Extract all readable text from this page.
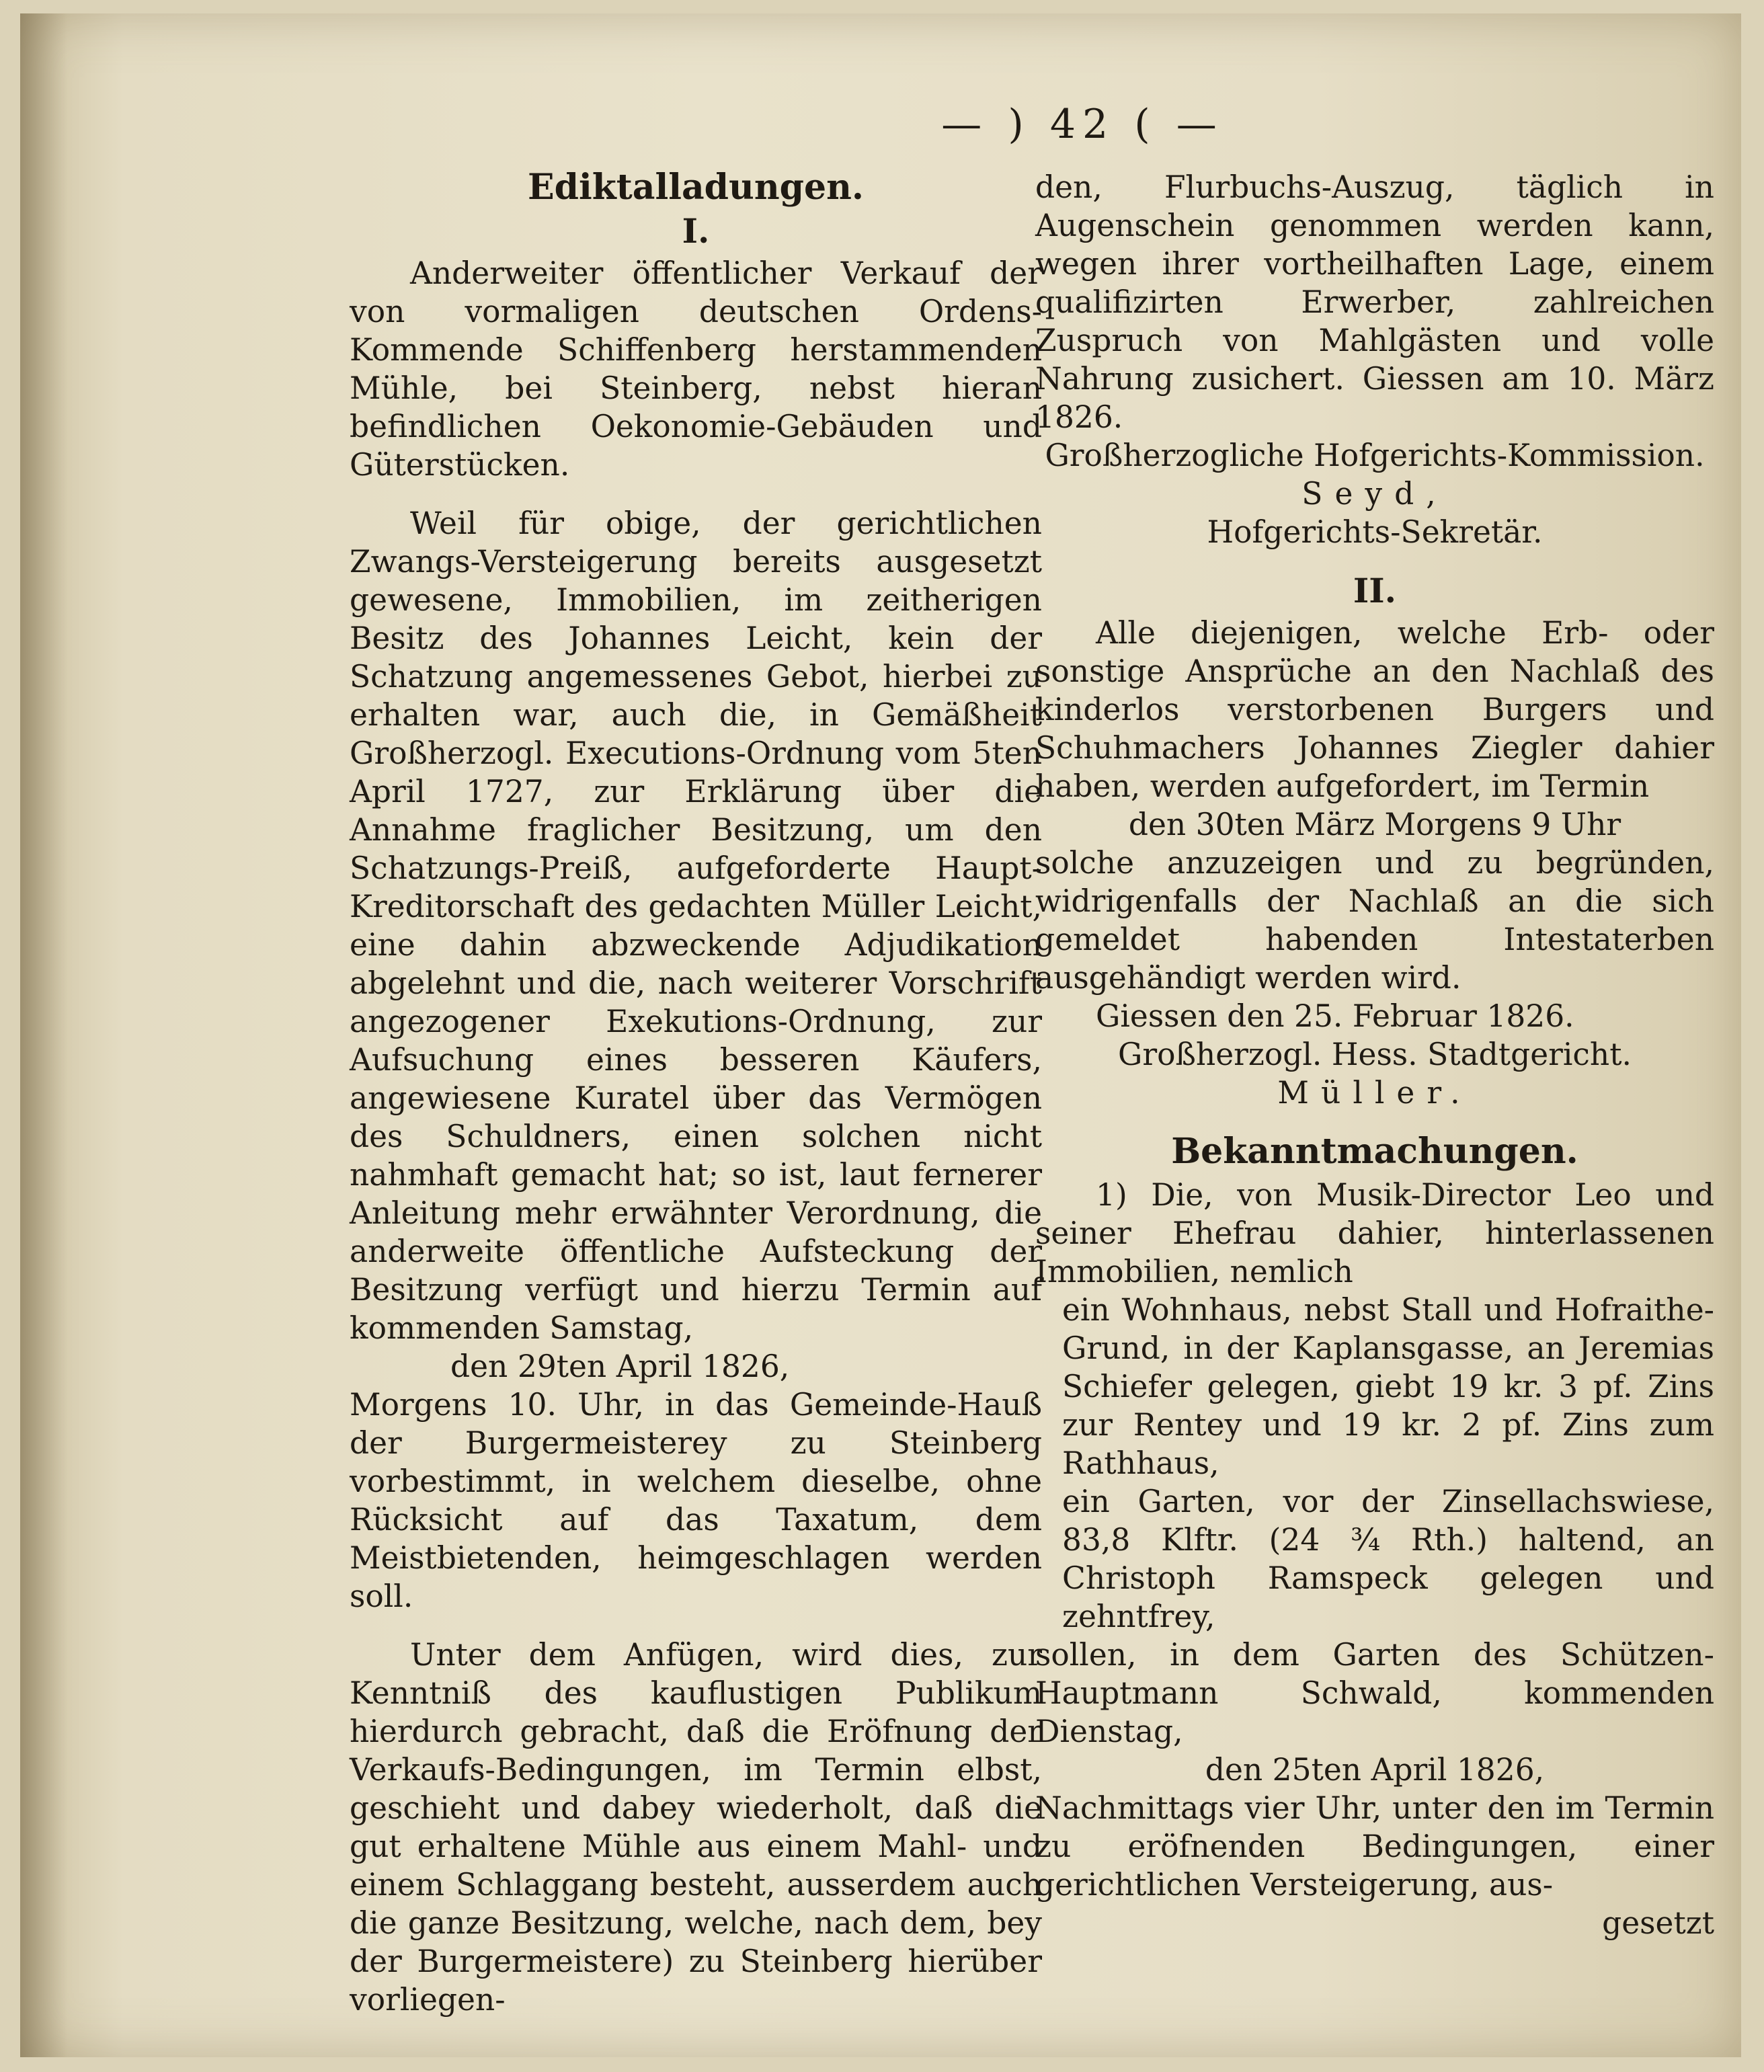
— ) 42 ( —

Ediktalladungen.

I.

Anderweiter öffentlicher Verkauf der von vormaligen deutschen Ordens-Kommende Schiffenberg herstammenden Mühle, bei Steinberg, nebst hieran befindlichen Oekonomie-Gebäuden und Güterstücken.

Weil für obige, der gerichtlichen Zwangs-Versteigerung bereits ausgesetzt gewesene, Immobilien, im zeitherigen Besitz des Johannes Leicht, kein der Schatzung angemessenes Gebot, hierbei zu erhalten war, auch die, in Gemäßheit Großherzogl. Executions-Ordnung vom 5ten April 1727, zur Erklärung über die Annahme fraglicher Besitzung, um den Schatzungs-Preiß, aufgeforderte Haupt-Kreditorschaft des gedachten Müller Leicht, eine dahin abzweckende Adjudikation abgelehnt und die, nach weiterer Vorschrift angezogener Exekutions-Ordnung, zur Aufsuchung eines besseren Käufers, angewiesene Kuratel über das Vermögen des Schuldners, einen solchen nicht nahmhaft gemacht hat; so ist, laut fernerer Anleitung mehr erwähnter Verordnung, die anderweite öffentliche Aufsteckung der Besitzung verfügt und hierzu Termin auf kommenden Samstag,

den 29ten April 1826,

Morgens 10. Uhr, in das Gemeinde-Hauß der Burgermeisterey zu Steinberg vorbestimmt, in welchem dieselbe, ohne Rücksicht auf das Taxatum, dem Meistbietenden, heimgeschlagen werden soll.

Unter dem Anfügen, wird dies, zur Kenntniß des kauflustigen Publikum hierdurch gebracht, daß die Eröfnung der Verkaufs-Bedingungen, im Termin elbst, geschieht und dabey wiederholt, daß die gut erhaltene Mühle aus einem Mahl- und einem Schlaggang besteht, ausserdem auch die ganze Besitzung, welche, nach dem, bey der Burgermeistere) zu Steinberg hierüber vorliegen-

den, Flurbuchs-Auszug, täglich in Augenschein genommen werden kann, wegen ihrer vortheilhaften Lage, einem qualifizirten Erwerber, zahlreichen Zuspruch von Mahlgästen und volle Nahrung zusichert. Giessen am 10. März 1826.

Großherzogliche Hofgerichts-Kommission.

Seyd,

Hofgerichts-Sekretär.

II.

Alle diejenigen, welche Erb- oder sonstige Ansprüche an den Nachlaß des kinderlos verstorbenen Burgers und Schuhmachers Johannes Ziegler dahier haben, werden aufgefordert, im Termin

den 30ten März Morgens 9 Uhr

solche anzuzeigen und zu begründen, widrigenfalls der Nachlaß an die sich gemeldet habenden Intestaterben ausgehändigt werden wird.

Giessen den 25. Februar 1826.

Großherzogl. Hess. Stadtgericht.

Müller.

Bekanntmachungen.

1) Die, von Musik-Director Leo und seiner Ehefrau dahier, hinterlassenen Immobilien, nemlich

ein Wohnhaus, nebst Stall und Hofraithe-Grund, in der Kaplansgasse, an Jeremias Schiefer gelegen, giebt 19 kr. 3 pf. Zins zur Rentey und 19 kr. 2 pf. Zins zum Rathhaus,

ein Garten, vor der Zinsellachswiese, 83,8 Klftr. (24 ¾ Rth.) haltend, an Christoph Ramspeck gelegen und zehntfrey,

sollen, in dem Garten des Schützen-Hauptmann Schwald, kommenden Dienstag,

den 25ten April 1826,

Nachmittags vier Uhr, unter den im Termin zu eröfnenden Bedingungen, einer gerichtlichen Versteigerung, aus-

gesetzt
